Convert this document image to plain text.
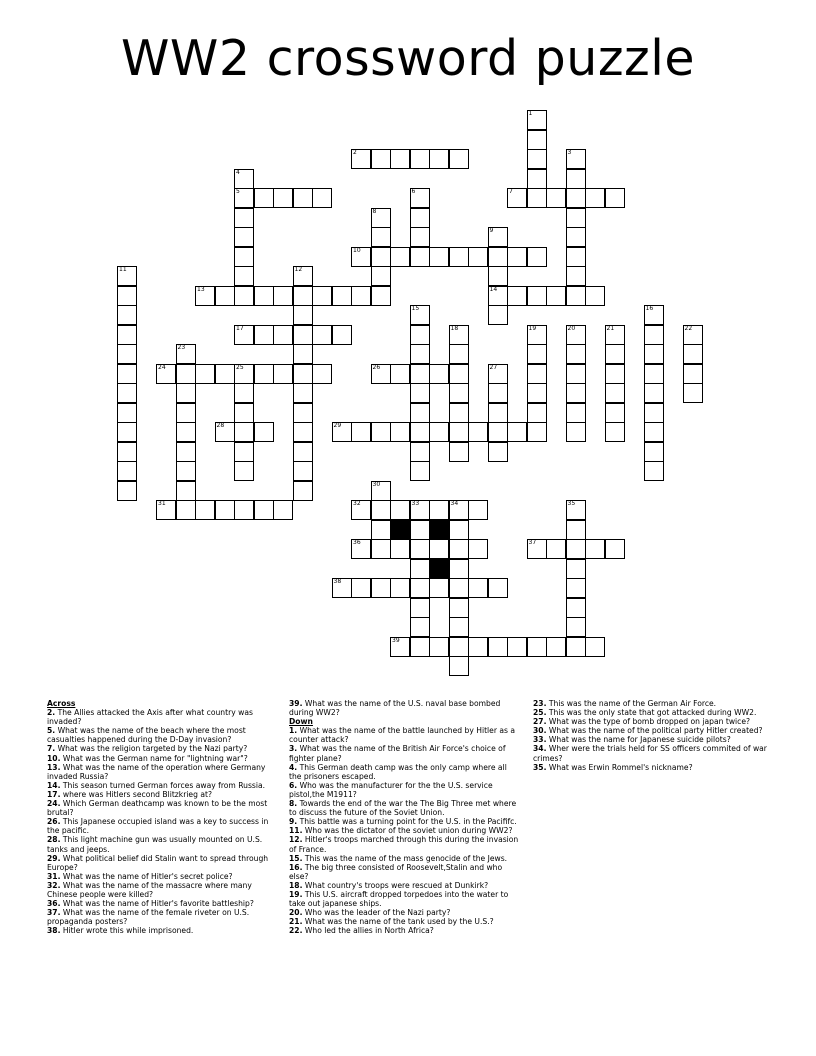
WW2 crossword puzzle
1
2	3
4
5	6	7
8
9
14
10
11	12
13
15	16
17	18	19	20	21	22
23
24	25	26	27
28	29
30
31	32	33	34	35
36	37
38
39
Across
2. The Allies attacked the Axis after what country was invaded?
5. What was the name of the beach where the most casualties happened during the D-Day invasion?
7. What was the religion targeted by the Nazi party?
10. What was the German name for "lightning war"?
13. What was the name of the operation where Germany invaded Russia?
14. This season turned German forces away from Russia.
17. where was Hitlers second Blitzkrieg at?
24. Which German deathcamp was known to be the most brutal?
26. This Japanese occupied island was a key to success in the pacific.
28. This light machine gun was usually mounted on U.S. tanks and jeeps.
29. What political belief did Stalin want to spread through Europe?
31. What was the name of Hitler's secret police?
32. What was the name of the massacre where many Chinese people were killed?
36. What was the name of Hitler's favorite battleship?
37. What was the name of the female riveter on U.S. propaganda posters?
38. Hitler wrote this while imprisoned.
39. What was the name of the U.S. naval base bombed during WW2?
Down
1. What was the name of the battle launched by Hitler as a counter attack?
3. What was the name of the British Air Force's choice of fighter plane?
4. This German death camp was the only camp where all the prisoners escaped.
6. Who was the manufacturer for the the U.S. service pistol,the M1911?
8. Towards the end of the war the The Big Three met where to discuss the future of the Soviet Union.
9. This battle was a turning point for the U.S. in the Pacififc.
11. Who was the dictator of the soviet union during WW2?
12. Hitler's troops marched through this during the invasion of France.
15. This was the name of the mass genocide of the Jews.
16. The big three consisted of Roosevelt,Stalin and who else?
18. What country's troops were rescued at Dunkirk?
19. This U.S. aircraft dropped torpedoes into the water to take out japanese ships.
20. Who was the leader of the Nazi party?
21. What was the name of the tank used by the U.S.?
22. Who led the allies in North Africa?
23. This was the name of the German Air Force.
25. This was the only state that got attacked during WW2.
27. What was the type of bomb dropped on japan twice?
30. What was the name of the political party Hitler created?
33. What was the name for Japanese suicide pilots?
34. Wher were the trials held for SS officers commited of war crimes?
35. What was Erwin Rommel's nickname?
